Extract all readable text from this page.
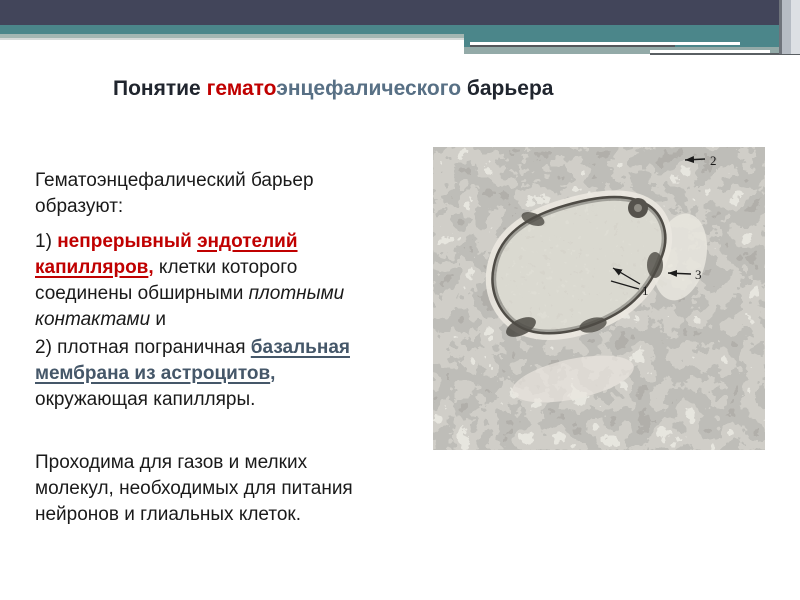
Понятие гематоэнцефалического барьера

Гематоэнцефалический барьер
образуют:

1) непрерывный эндотелий
капилляров, клетки которого
соединены обширными плотными
контактами и

2) плотная пограничная базальная
мембрана из астроцитов,
окружающая капилляры.

Проходима для газов и мелких
молекул, необходимых для питания
нейронов и глиальных клеток.

2
3
1
